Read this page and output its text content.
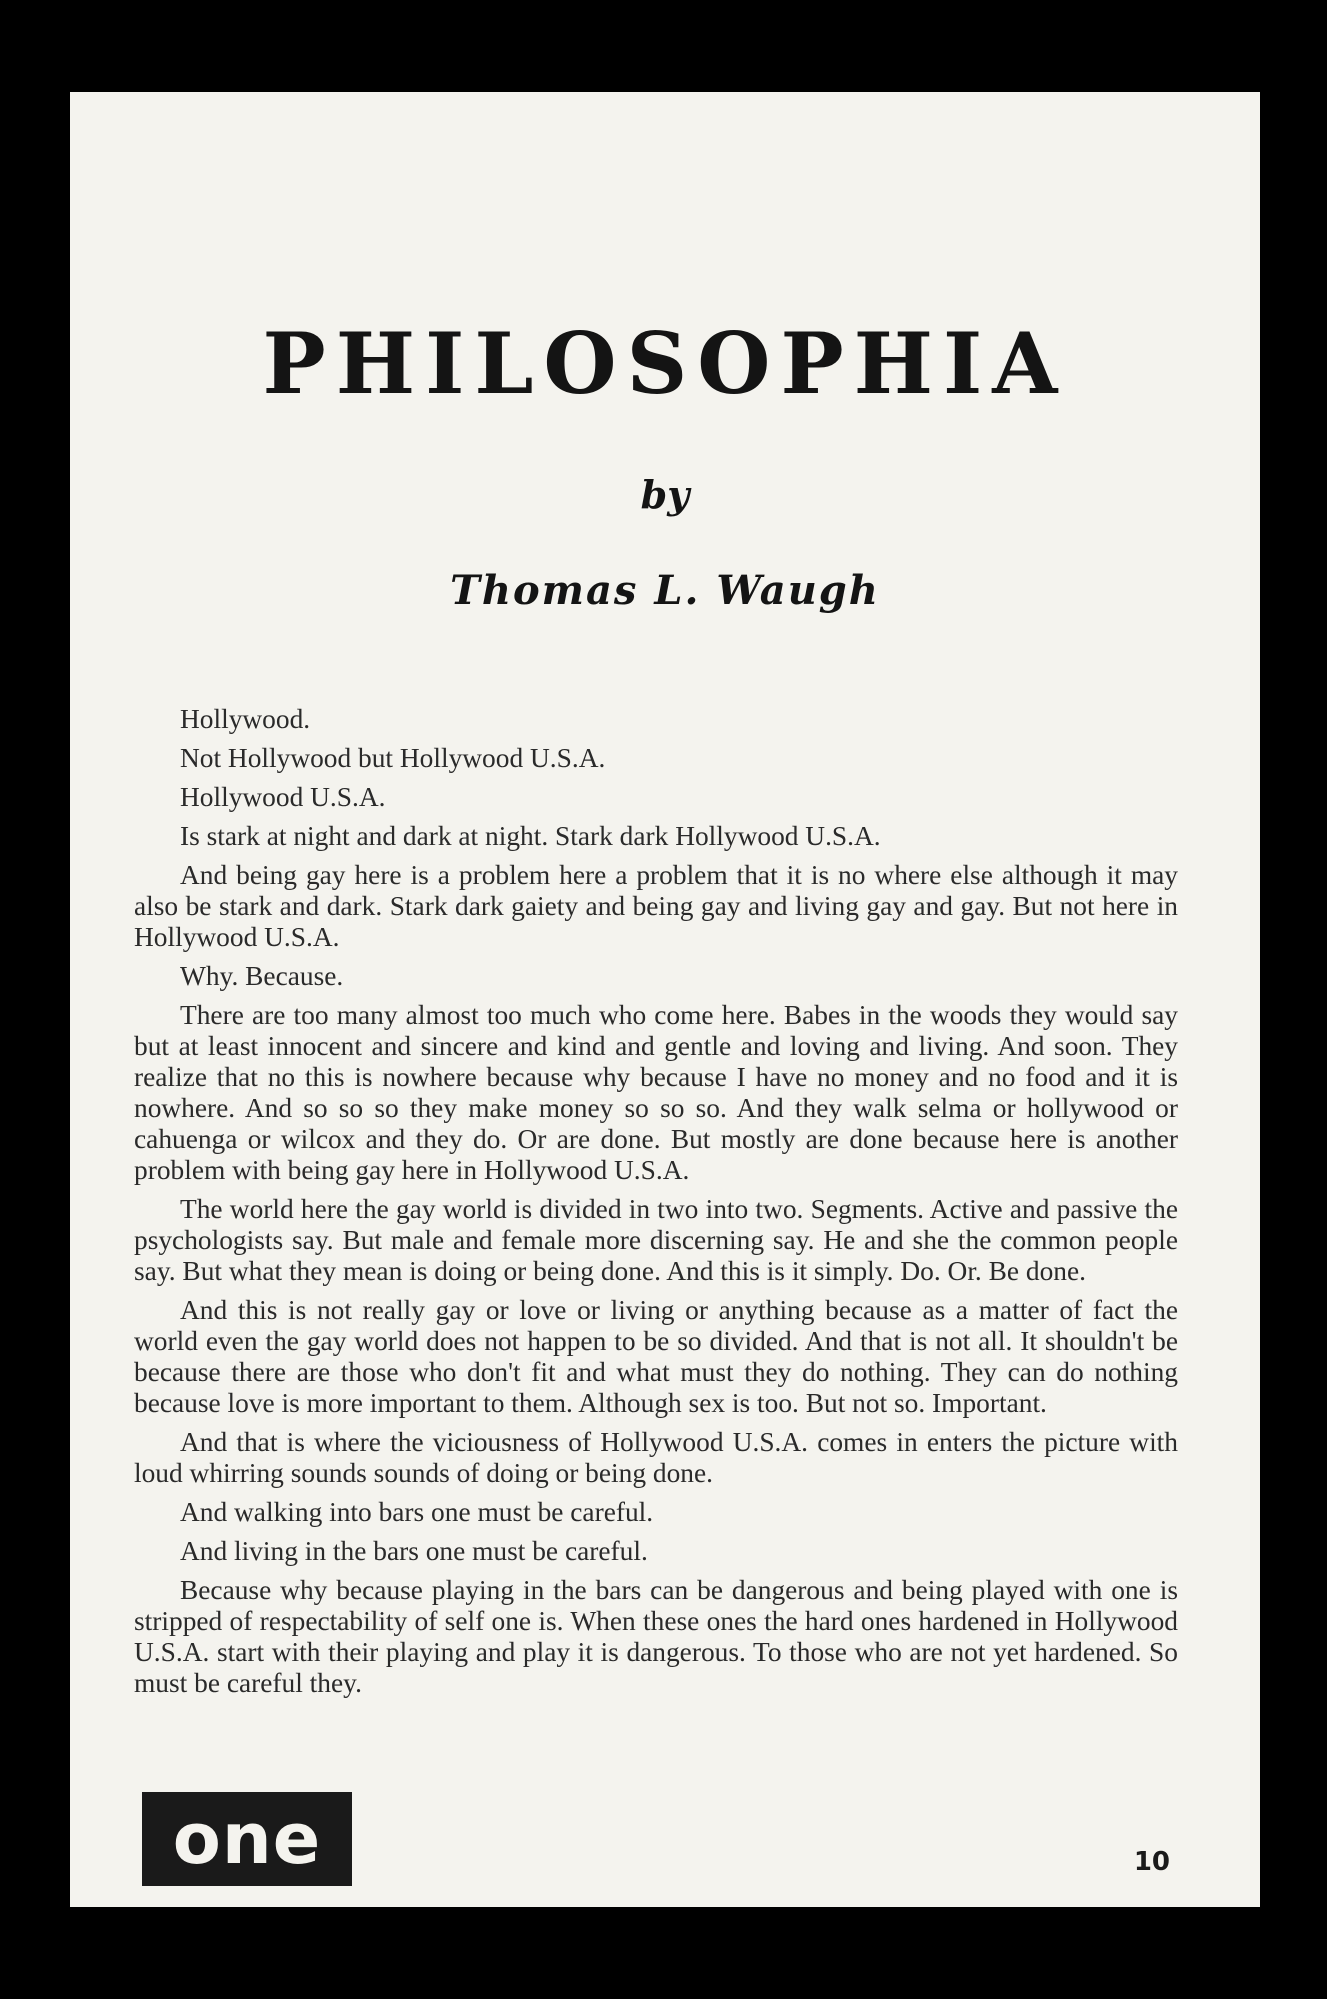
PHILOSOPHIA
by
Thomas L. Waugh

Hollywood.

Not Hollywood but Hollywood U.S.A.

Hollywood U.S.A.

Is stark at night and dark at night. Stark dark Hollywood U.S.A.

And being gay here is a problem here a problem that it is no where else although it may also be stark and dark. Stark dark gaiety and being gay and living gay and gay. But not here in Hollywood U.S.A.

Why. Because.

There are too many almost too much who come here. Babes in the woods they would say but at least innocent and sincere and kind and gentle and loving and living. And soon. They realize that no this is nowhere because why because I have no money and no food and it is nowhere. And so so so they make money so so so. And they walk selma or hollywood or cahuenga or wilcox and they do. Or are done. But mostly are done because here is another problem with being gay here in Hollywood U.S.A.

The world here the gay world is divided in two into two. Segments. Active and passive the psychologists say. But male and female more discerning say. He and she the common people say. But what they mean is doing or being done. And this is it simply. Do. Or. Be done.

And this is not really gay or love or living or anything because as a matter of fact the world even the gay world does not happen to be so divided. And that is not all. It shouldn't be because there are those who don't fit and what must they do nothing. They can do nothing because love is more important to them. Although sex is too. But not so. Important.

And that is where the viciousness of Hollywood U.S.A. comes in enters the picture with loud whirring sounds sounds of doing or being done.

And walking into bars one must be careful.

And living in the bars one must be careful.

Because why because playing in the bars can be dangerous and being played with one is stripped of respectability of self one is. When these ones the hard ones hardened in Hollywood U.S.A. start with their playing and play it is dangerous. To those who are not yet hardened. So must be careful they.

one	10
